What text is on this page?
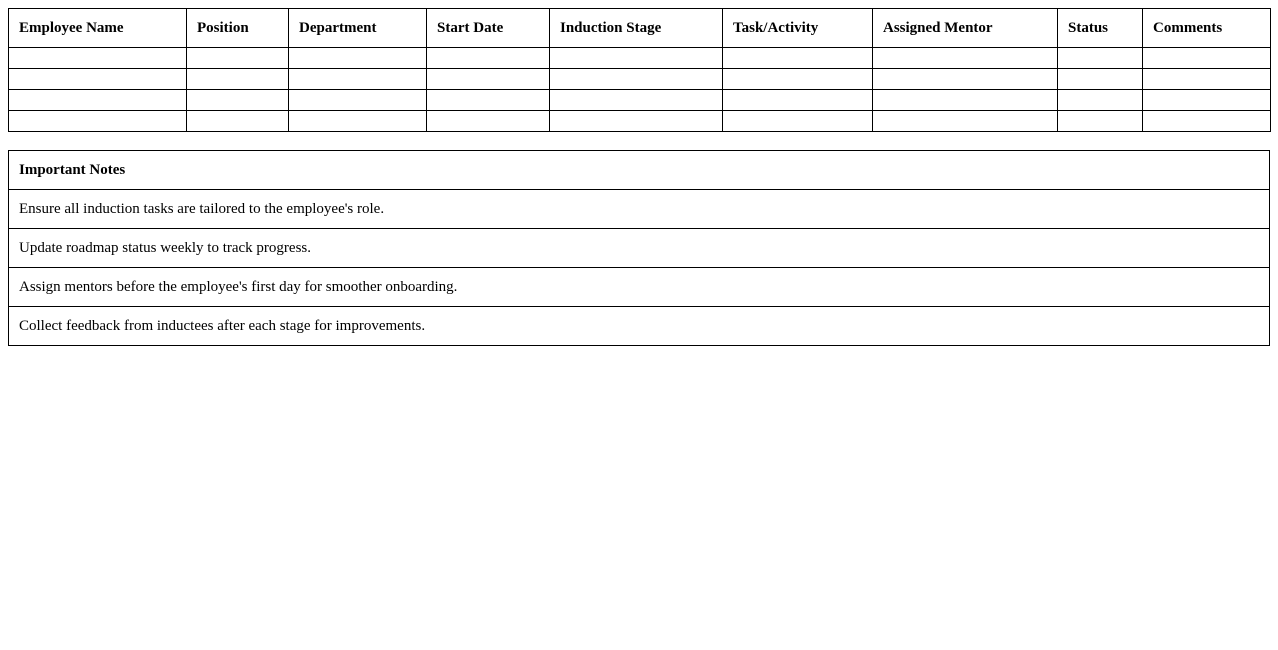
Employee Name	Position	Department	Start Date	Induction Stage	Task/Activity	Assigned Mentor	Status	Comments

Important Notes
Ensure all induction tasks are tailored to the employee's role.
Update roadmap status weekly to track progress.
Assign mentors before the employee's first day for smoother onboarding.
Collect feedback from inductees after each stage for improvements.
